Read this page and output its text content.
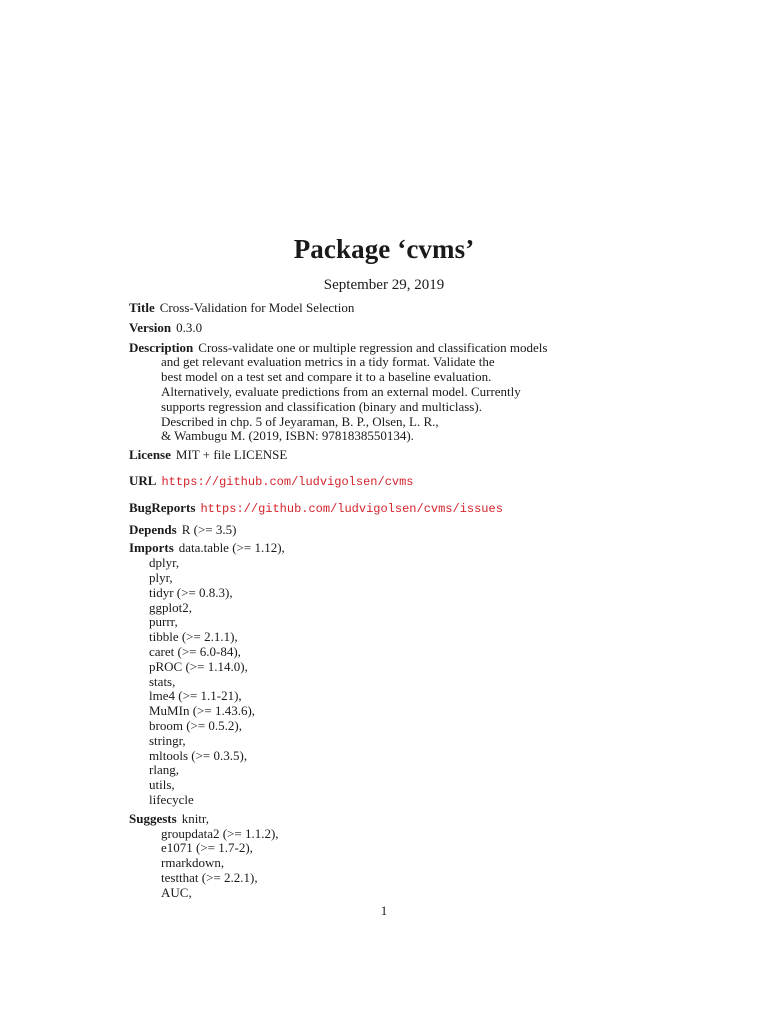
Package ‘cvms’
September 29, 2019
Title Cross-Validation for Model Selection
Version 0.3.0
Description Cross-validate one or multiple regression and classification models
and get relevant evaluation metrics in a tidy format. Validate the
best model on a test set and compare it to a baseline evaluation.
Alternatively, evaluate predictions from an external model. Currently
supports regression and classification (binary and multiclass).
Described in chp. 5 of Jeyaraman, B. P., Olsen, L. R.,
& Wambugu M. (2019, ISBN: 9781838550134).
License MIT + file LICENSE
URL https://github.com/ludvigolsen/cvms
BugReports https://github.com/ludvigolsen/cvms/issues
Depends R (>= 3.5)
Imports data.table (>= 1.12),
dplyr,
plyr,
tidyr (>= 0.8.3),
ggplot2,
purrr,
tibble (>= 2.1.1),
caret (>= 6.0-84),
pROC (>= 1.14.0),
stats,
lme4 (>= 1.1-21),
MuMIn (>= 1.43.6),
broom (>= 0.5.2),
stringr,
mltools (>= 0.3.5),
rlang,
utils,
lifecycle
Suggests knitr,
groupdata2 (>= 1.1.2),
e1071 (>= 1.7-2),
rmarkdown,
testthat (>= 2.2.1),
AUC,
1
